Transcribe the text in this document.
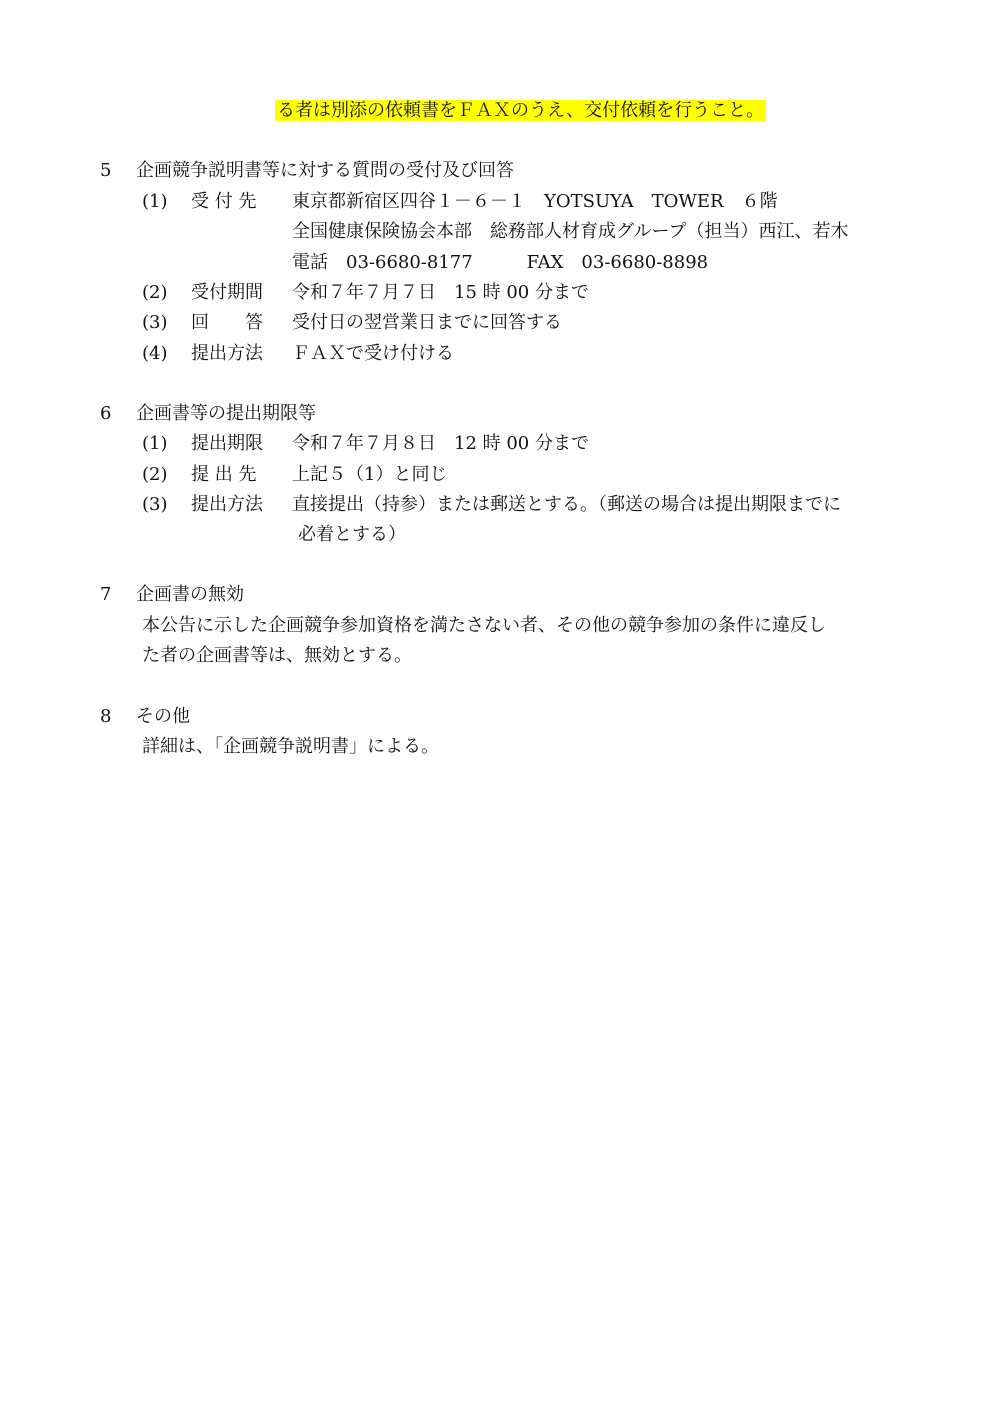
る者は別添の依頼書をＦＡＸのうえ、交付依頼を行うこと。
5 企画競争説明書等に対する質問の受付及び回答
(1) 受 付 先 東京都新宿区四谷１－６－１　YOTSUYA　TOWER　６階
全国健康保険協会本部　総務部人材育成グループ（担当）西江、若木
電話　03-6680-8177　　　FAX　03-6680-8898
(2) 受付期間 令和７年７月７日　15 時 00 分まで
(3) 回　　答 受付日の翌営業日までに回答する
(4) 提出方法 ＦＡＸで受け付ける
6 企画書等の提出期限等
(1) 提出期限 令和７年７月８日　12 時 00 分まで
(2) 提 出 先 上記５（1）と同じ
(3) 提出方法 直接提出（持参）または郵送とする。（郵送の場合は提出期限までに
必着とする）
7 企画書の無効
本公告に示した企画競争参加資格を満たさない者、その他の競争参加の条件に違反し
た者の企画書等は、無効とする。
8 その他
詳細は、「企画競争説明書」による。
